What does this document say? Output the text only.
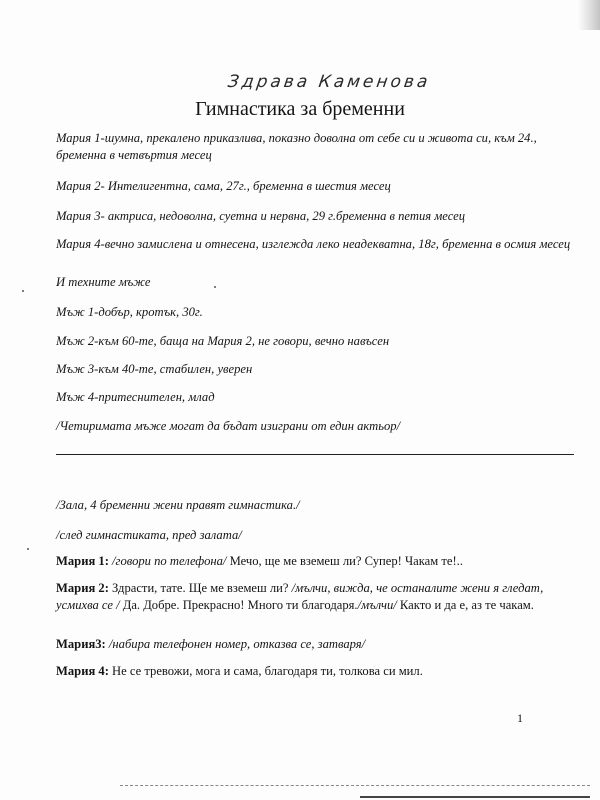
Здрава Каменова
Гимнастика за бременни
Мария 1-шумна, прекалено приказлива, показно доволна от себе си и живота си, към 24., бременна в четвъртия месец
Мария 2- Интелигентна, сама, 27г., бременна в шестия месец
Мария 3- актриса, недоволна, суетна и нервна, 29 г.бременна в петия месец
Мария 4-вечно замислена и отнесена, изглежда леко неадекватна, 18г, бременна в осмия месец
И техните мъже
Мъж 1-добър, кротък, 30г.
Мъж 2-към 60-те, баща на Мария 2, не говори, вечно навъсен
Мъж 3-към 40-те, стабилен, уверен
Мъж 4-притеснителен, млад
/Четиримата мъже могат да бъдат изиграни от един актьор/
/Зала, 4 бременни жени правят гимнастика./
/след гимнастиката, пред залата/
Мария 1: /говори по телефона/ Мечо, ще ме вземеш ли? Супер! Чакам те!..
Мария 2: Здрасти, тате. Ще ме вземеш ли? /мълчи, вижда, че останалите жени я гледат, усмихва се / Да. Добре. Прекрасно! Много ти благодаря./мълчи/ Както и да е, аз те чакам.
Мария3: /набира телефонен номер, отказва се, затваря/
Мария 4: Не се тревожи, мога и сама, благодаря ти, толкова си мил.
1
